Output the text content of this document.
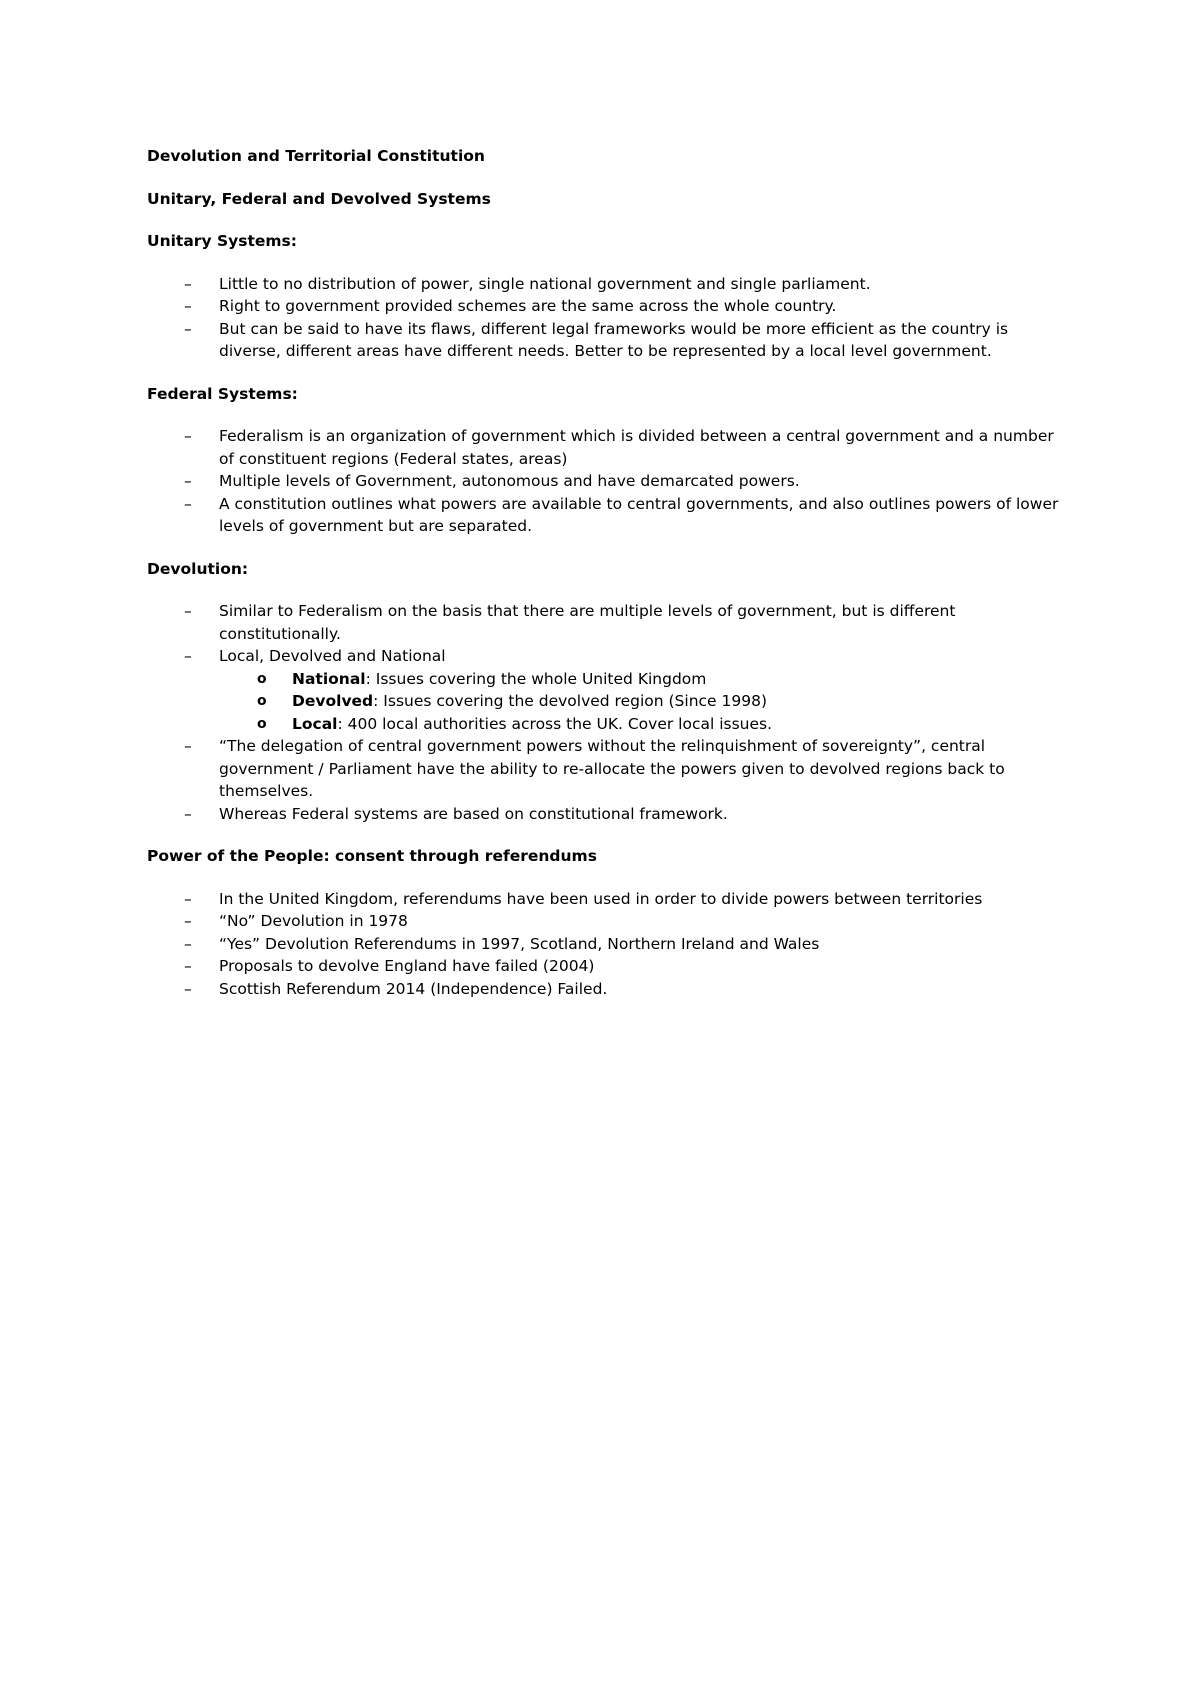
Devolution and Territorial Constitution
Unitary, Federal and Devolved Systems
Unitary Systems:
– Little to no distribution of power, single national government and single parliament.
– Right to government provided schemes are the same across the whole country.
– But can be said to have its flaws, different legal frameworks would be more efficient as the country is diverse, different areas have different needs. Better to be represented by a local level government.
Federal Systems:
– Federalism is an organization of government which is divided between a central government and a number of constituent regions (Federal states, areas)
– Multiple levels of Government, autonomous and have demarcated powers.
– A constitution outlines what powers are available to central governments, and also outlines powers of lower levels of government but are separated.
Devolution:
– Similar to Federalism on the basis that there are multiple levels of government, but is different constitutionally.
– Local, Devolved and National
o National: Issues covering the whole United Kingdom
o Devolved: Issues covering the devolved region (Since 1998)
o Local: 400 local authorities across the UK. Cover local issues.
– “The delegation of central government powers without the relinquishment of sovereignty”, central government / Parliament have the ability to re-allocate the powers given to devolved regions back to themselves.
– Whereas Federal systems are based on constitutional framework.
Power of the People: consent through referendums
– In the United Kingdom, referendums have been used in order to divide powers between territories
– “No” Devolution in 1978
– “Yes” Devolution Referendums in 1997, Scotland, Northern Ireland and Wales
– Proposals to devolve England have failed (2004)
– Scottish Referendum 2014 (Independence) Failed.
